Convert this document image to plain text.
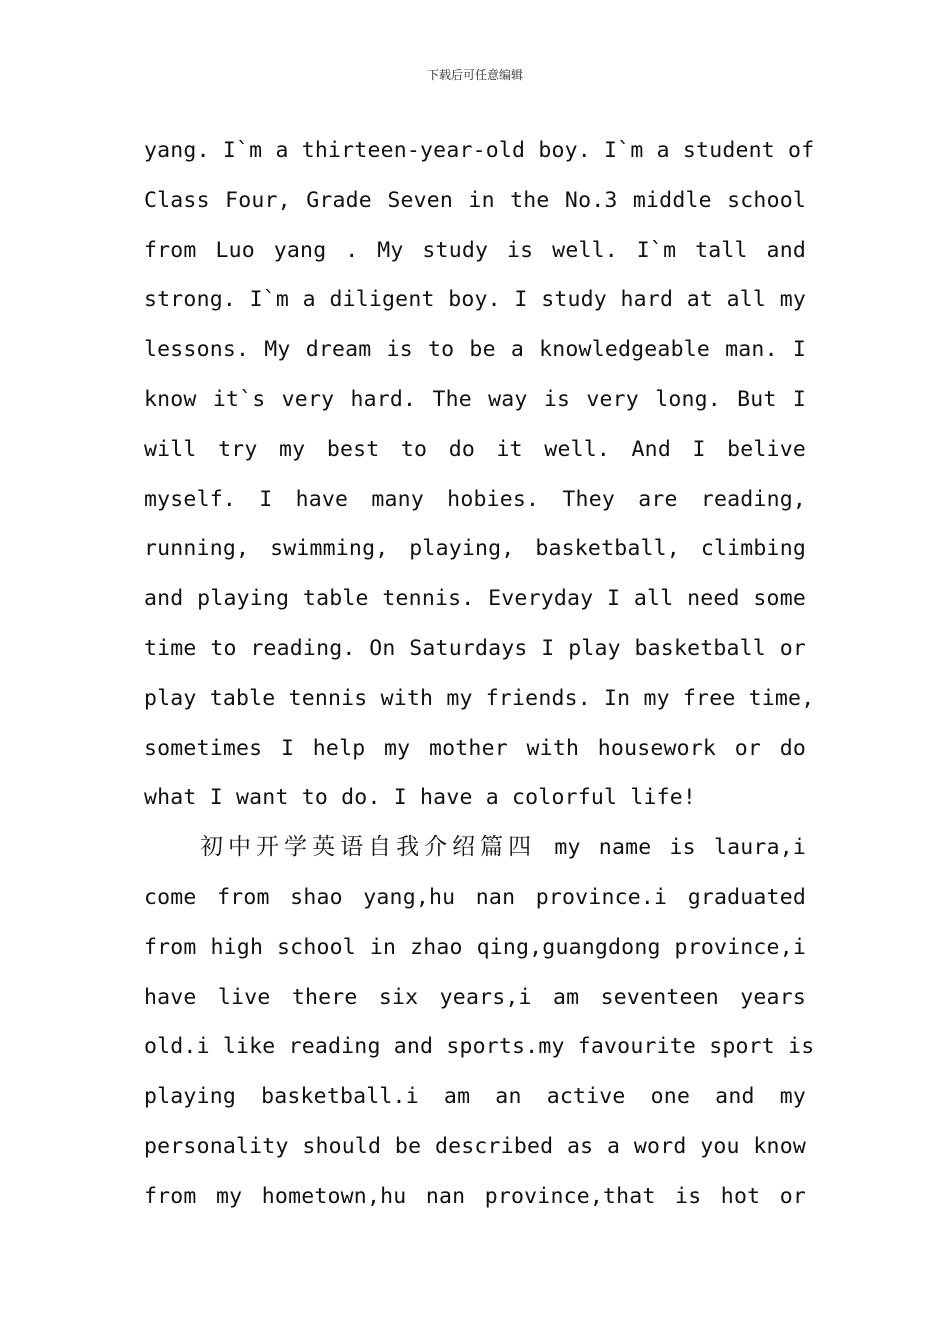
下载后可任意编辑
yang. I`m a thirteen-year-old boy. I`m a student of
Class Four, Grade Seven in the No.3 middle school
from Luo yang . My study is well. I`m tall and
strong. I`m a diligent boy. I study hard at all my
lessons. My dream is to be a knowledgeable man. I
know it`s very hard. The way is very long. But I
will try my best to do it well. And I belive
myself. I have many hobies. They are reading,
running, swimming, playing, basketball, climbing
and playing table tennis. Everyday I all need some
time to reading. On Saturdays I play basketball or
play table tennis with my friends. In my free time,
sometimes I help my mother with housework or do
what I want to do. I have a colorful life!
初中开学英语自我介绍篇四 my name is laura,i
come from shao yang,hu nan province.i graduated
from high school in zhao qing,guangdong province,i
have live there six years,i am seventeen years
old.i like reading and sports.my favourite sport is
playing basketball.i am an active one and my
personality should be described as a word you know
from my hometown,hu nan province,that is hot or
